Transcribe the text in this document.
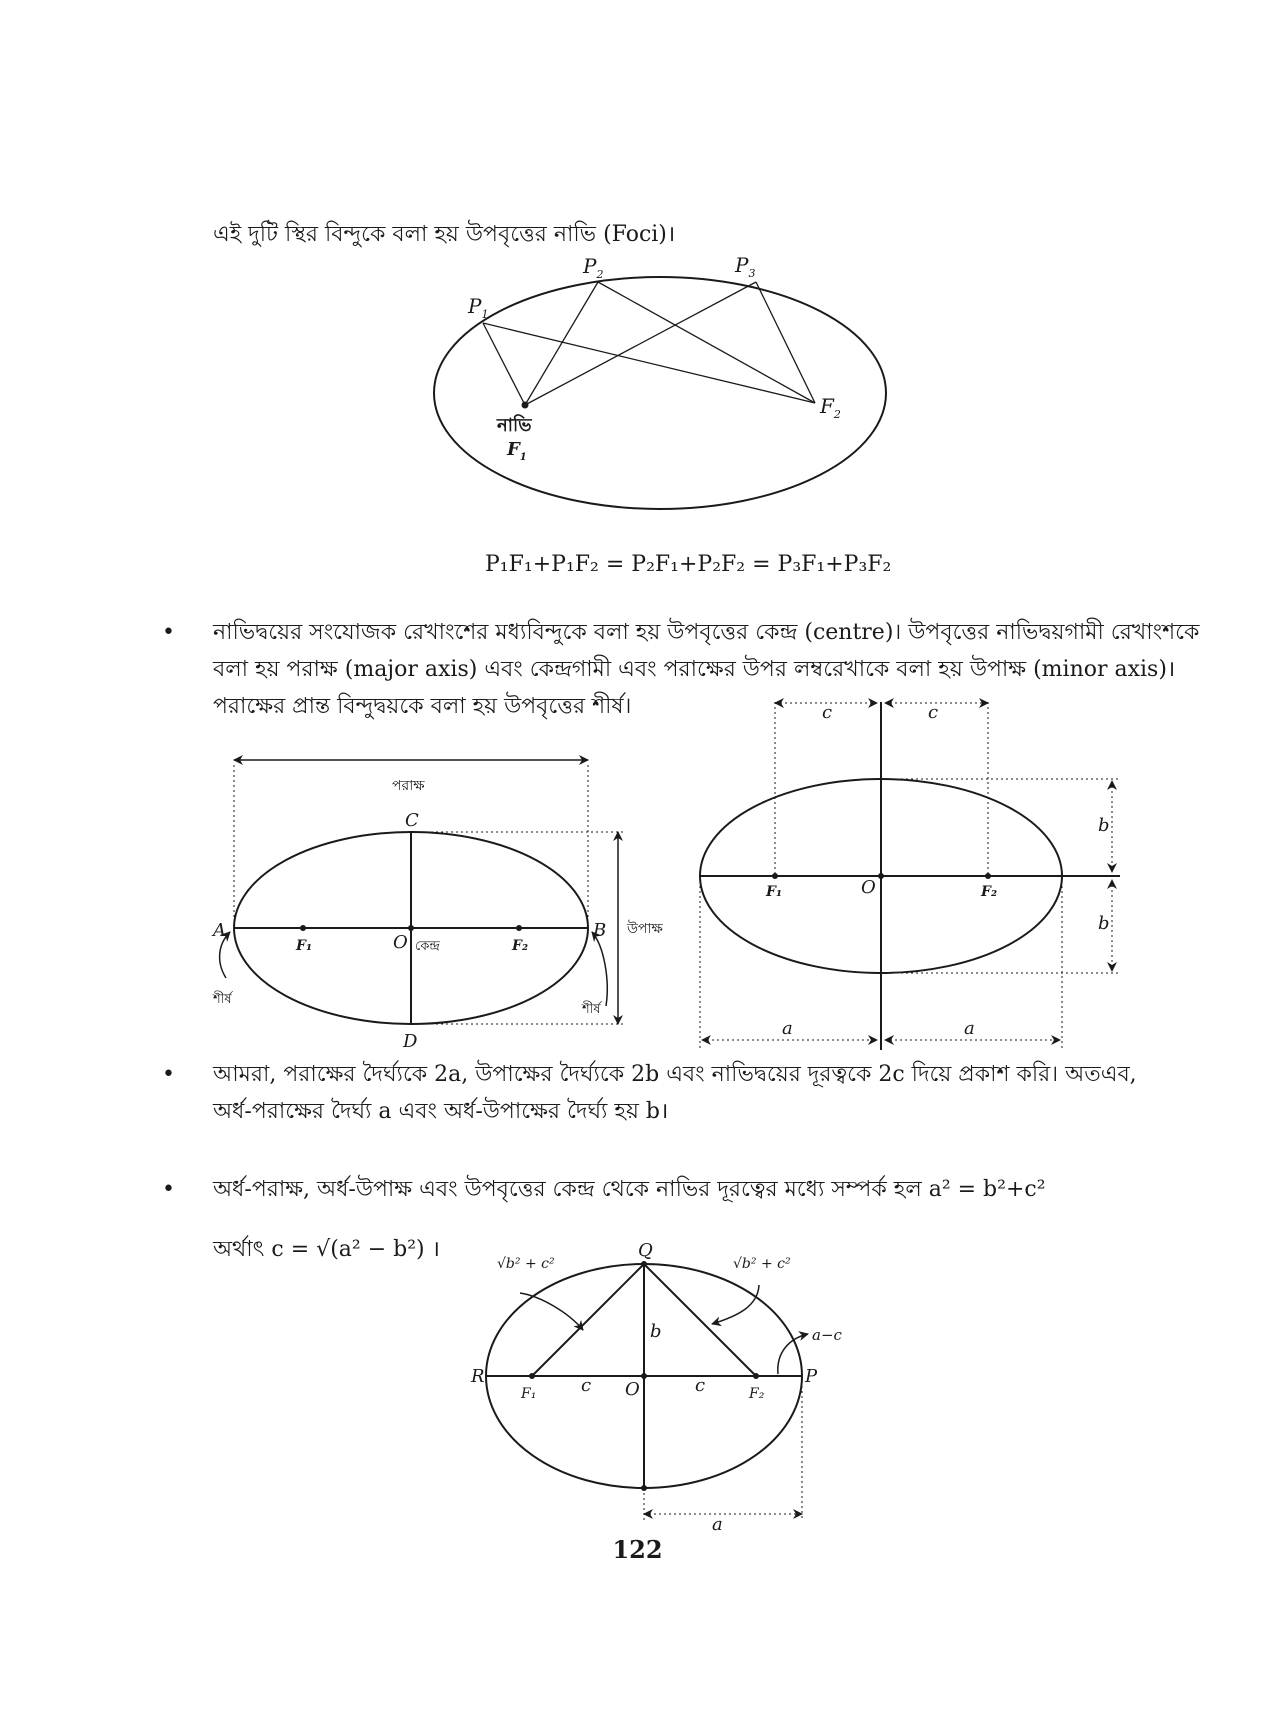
এই দুটি স্থির বিন্দুকে বলা হয় উপবৃত্তের নাভি (Foci)।
• নাভিদ্বয়ের সংযোজক রেখাংশের মধ্যবিন্দুকে বলা হয় উপবৃত্তের কেন্দ্র (centre)। উপবৃত্তের নাভিদ্বয়গামী রেখাংশকে
বলা হয় পরাক্ষ (major axis) এবং কেন্দ্রগামী এবং পরাক্ষের উপর লম্বরেখাকে বলা হয় উপাক্ষ (minor axis)।
পরাক্ষের প্রান্ত বিন্দুদ্বয়কে বলা হয় উপবৃত্তের শীর্ষ।
• আমরা, পরাক্ষের দৈর্ঘ্যকে 2a, উপাক্ষের দৈর্ঘ্যকে 2b এবং নাভিদ্বয়ের দূরত্বকে 2c দিয়ে প্রকাশ করি। অতএব,
অর্ধ-পরাক্ষের দৈর্ঘ্য a এবং অর্ধ-উপাক্ষের দৈর্ঘ্য হয় b।
• অর্ধ-পরাক্ষ, অর্ধ-উপাক্ষ এবং উপবৃত্তের কেন্দ্র থেকে নাভির দূরত্বের মধ্যে সম্পর্ক হল a² = b²+c²
অর্থাৎ c = √(a² − b²) ।
P₁F₁+P₁F₂ = P₂F₁+P₂F₂ = P₃F₁+P₃F₂
$P_1$
$P_2$	$P_3$
$F_2$
নাভি
$F_1$
পরাক্ষ
উপাক্ষ
A	B
C
D
O
F₁	F₂
কেন্দ্র
শীর্ষ
শীর্ষ
c	c
b
b
a	a
O
F₁	F₂
Q
R	P
O
F₁	F₂
b
c	c
a
a−c
√b² + c²	√b² + c²
122
